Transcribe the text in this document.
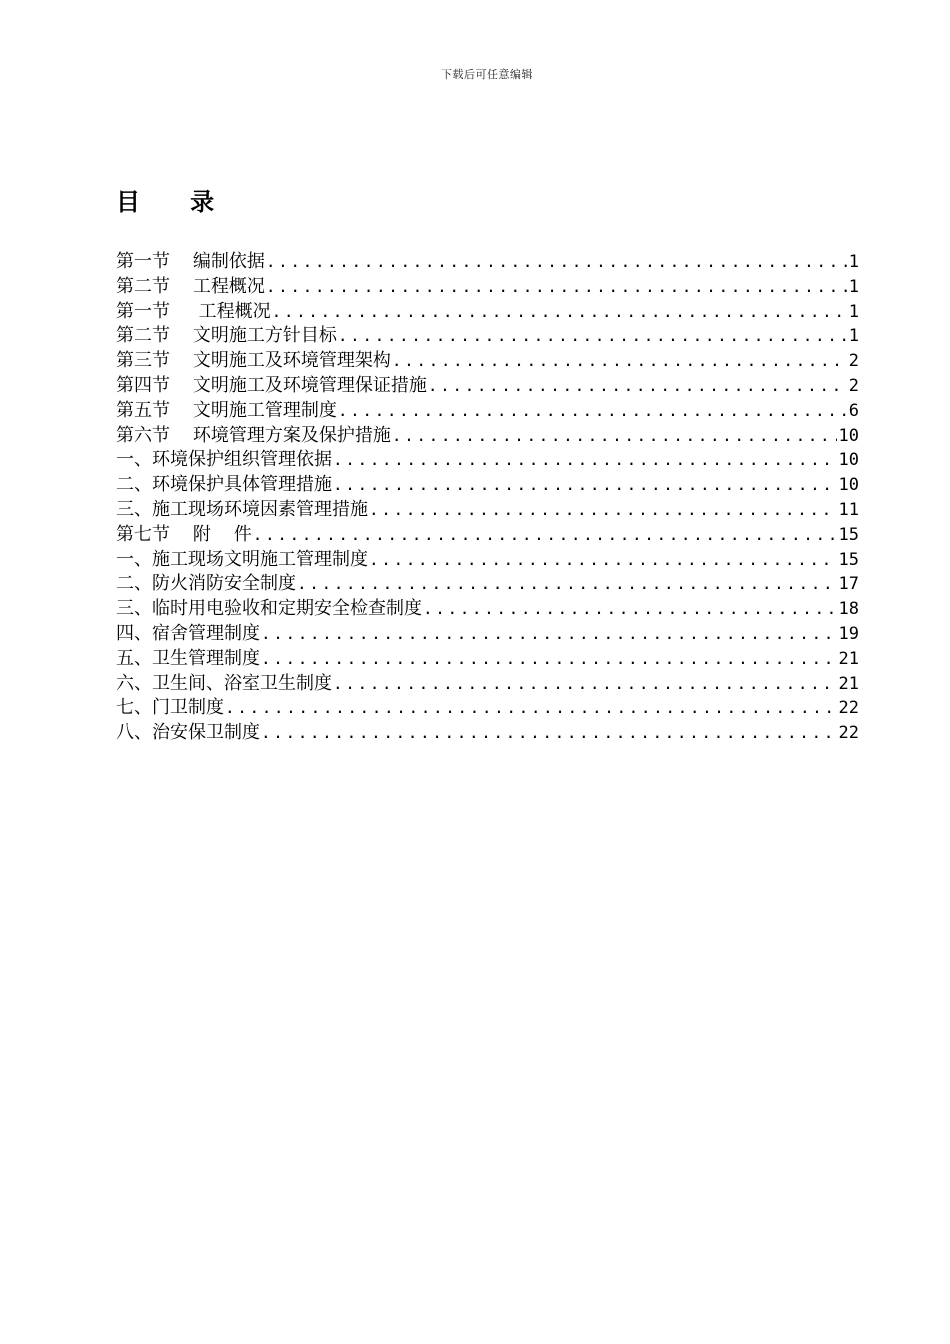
下载后可任意编辑
目      录
第一节    编制依据 .....	1
第二节    工程概况 .....	1
第一节     工程概况 .....	1
第二节    文明施工方针目标 .....	1
第三节    文明施工及环境管理架构 .....	2
第四节    文明施工及环境管理保证措施 .....	2
第五节    文明施工管理制度 .....	6
第六节    环境管理方案及保护措施 .....	10
一、环境保护组织管理依据 .....	10
二、环境保护具体管理措施 .....	10
三、施工现场环境因素管理措施 .....	11
第七节    附    件 .....	15
一、施工现场文明施工管理制度 .....	15
二、防火消防安全制度 .....	17
三、临时用电验收和定期安全检查制度 .....	18
四、宿舍管理制度 .....	19
五、卫生管理制度 .....	21
六、卫生间、浴室卫生制度 .....	21
七、门卫制度 .....	22
八、治安保卫制度 .....	22
